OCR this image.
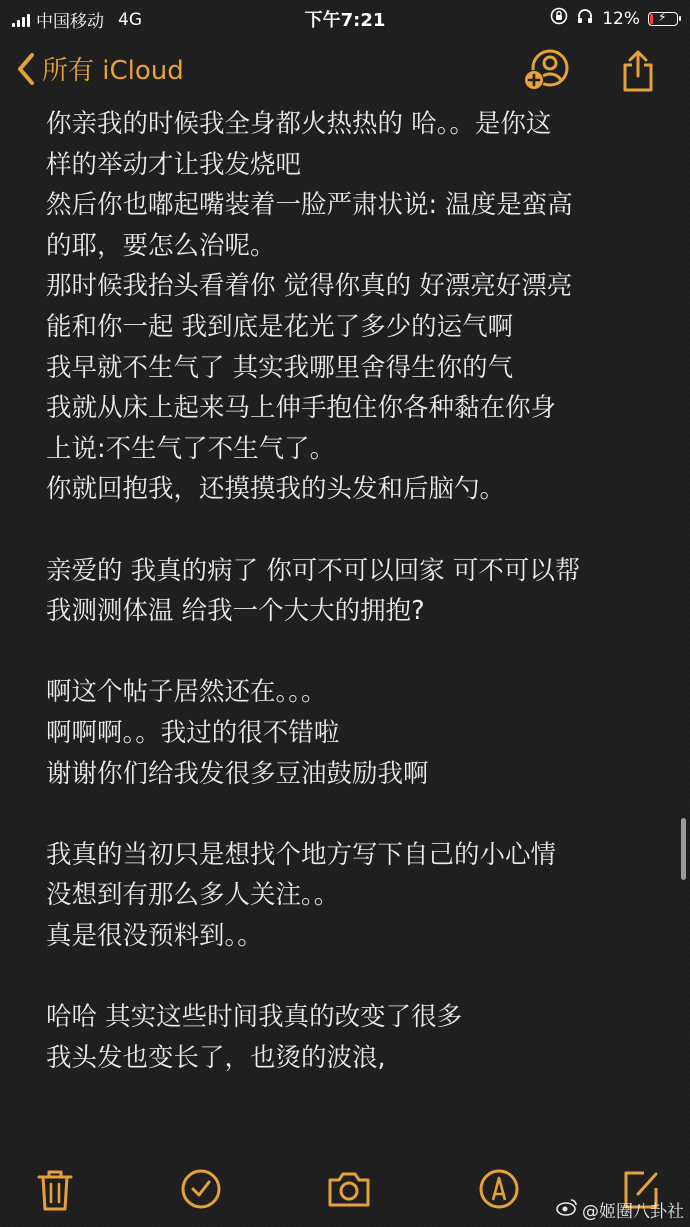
中国移动 4G	下午7:21	12% ⚡
所有 iCloud
你亲我的时候我全身都火热热的 哈。。是你这
样的举动才让我发烧吧
然后你也嘟起嘴装着一脸严肃状说: 温度是蛮高
的耶，要怎么治呢。
那时候我抬头看着你 觉得你真的 好漂亮好漂亮
能和你一起 我到底是花光了多少的运气啊
我早就不生气了 其实我哪里舍得生你的气
我就从床上起来马上伸手抱住你各种黏在你身
上说:不生气了不生气了。
你就回抱我，还摸摸我的头发和后脑勺。
亲爱的 我真的病了 你可不可以回家 可不可以帮
我测测体温 给我一个大大的拥抱?
啊这个帖子居然还在。。。
啊啊啊。。我过的很不错啦
谢谢你们给我发很多豆油鼓励我啊
我真的当初只是想找个地方写下自己的小心情
没想到有那么多人关注。。
真是很没预料到。。
哈哈 其实这些时间我真的改变了很多
我头发也变长了，也烫的波浪,
@姬圈八卦社
